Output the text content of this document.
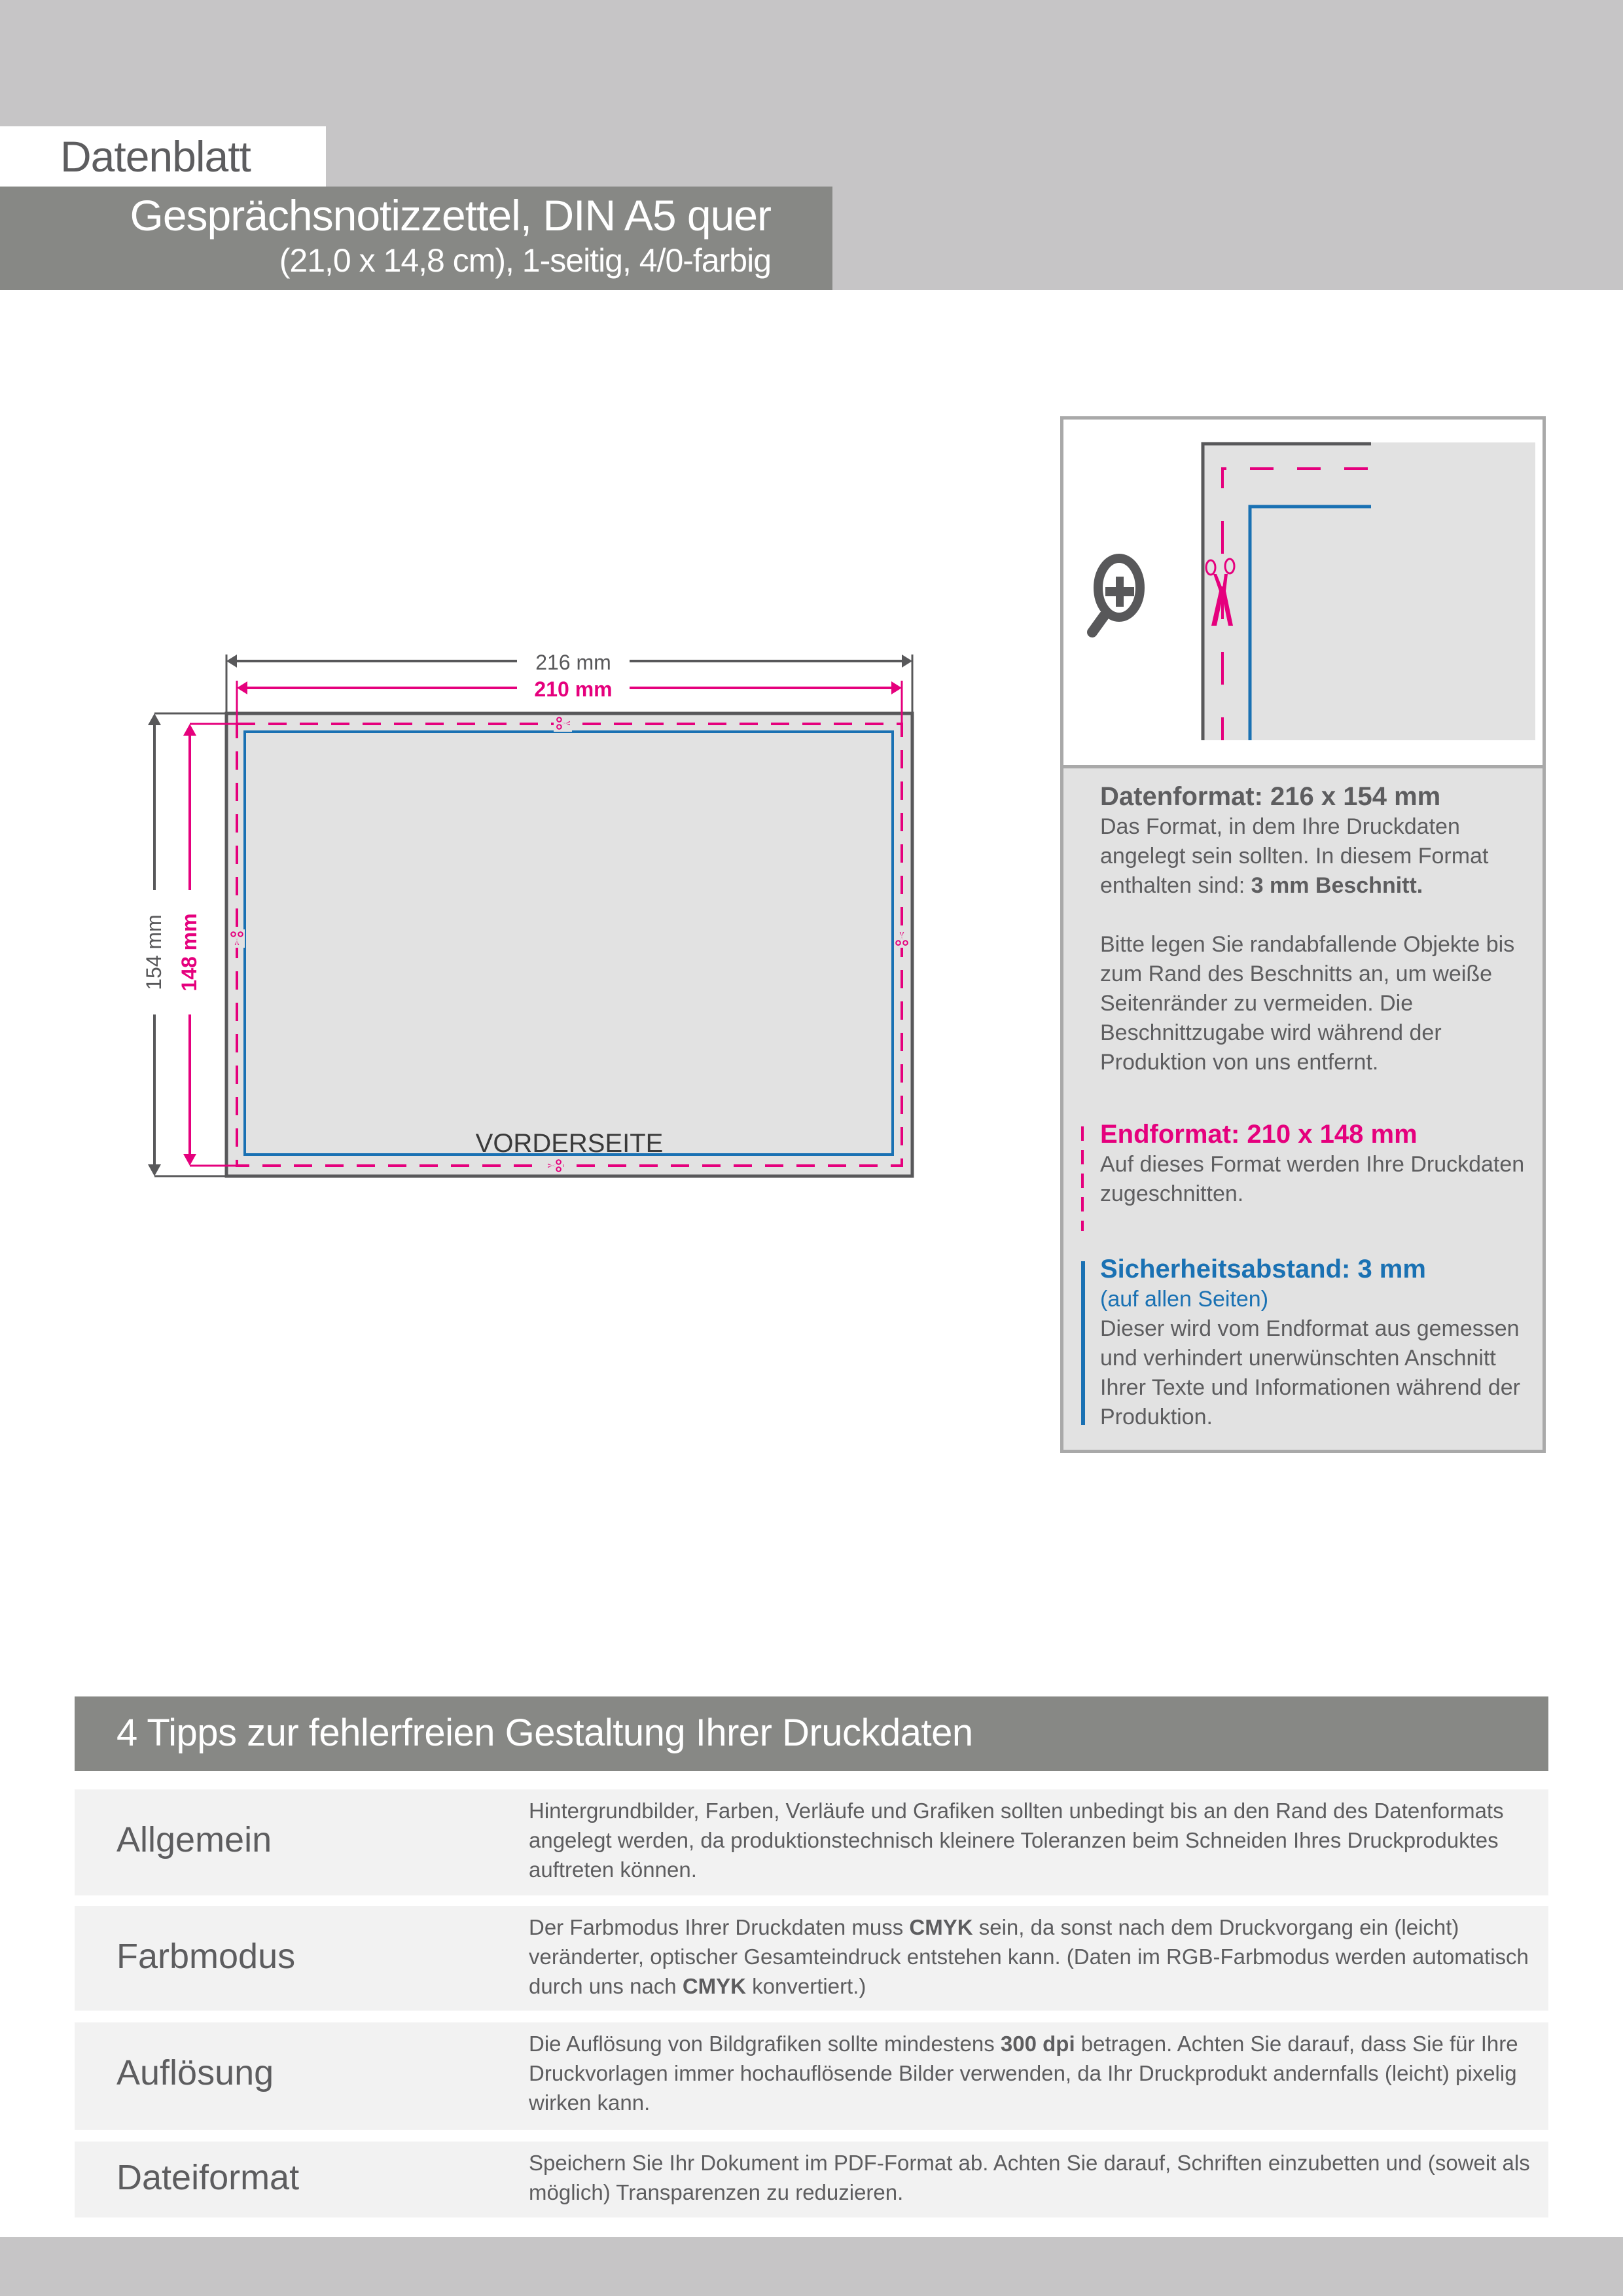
Datenblatt
Gesprächsnotizzettel, DIN A5 quer
(21,0 x 14,8 cm), 1-seitig, 4/0-farbig
216 mm
210 mm
154 mm 148 mm
VORDERSEITE
Datenformat: 216 x 154 mm
Das Format, in dem Ihre Druckdaten angelegt sein sollten. In diesem Format enthalten sind: 3 mm Beschnitt.
Bitte legen Sie randabfallende Objekte bis zum Rand des Beschnitts an, um weiße Seitenränder zu vermeiden. Die Beschnittzugabe wird während der Produktion von uns entfernt.
Endformat: 210 x 148 mm
Auf dieses Format werden Ihre Druckdaten zugeschnitten.
Sicherheitsabstand: 3 mm
(auf allen Seiten)
Dieser wird vom Endformat aus gemessen und verhindert unerwünschten Anschnitt Ihrer Texte und Informationen während der Produktion.
4 Tipps zur fehlerfreien Gestaltung Ihrer Druckdaten
Allgemein
Hintergrundbilder, Farben, Verläufe und Grafiken sollten unbedingt bis an den Rand des Datenformats angelegt werden, da produktionstechnisch kleinere Toleranzen beim Schneiden Ihres Druckproduktes auftreten können.
Farbmodus
Der Farbmodus Ihrer Druckdaten muss CMYK sein, da sonst nach dem Druckvorgang ein (leicht) veränderter, optischer Gesamteindruck entstehen kann. (Daten im RGB-Farbmodus werden automatisch durch uns nach CMYK konvertiert.)
Auflösung
Die Auflösung von Bildgrafiken sollte mindestens 300 dpi betragen. Achten Sie darauf, dass Sie für Ihre Druckvorlagen immer hochauflösende Bilder verwenden, da Ihr Druckprodukt andernfalls (leicht) pixelig wirken kann.
Dateiformat	Speichern Sie Ihr Dokument im PDF-Format ab. Achten Sie darauf, Schriften einzubetten und (soweit als möglich) Transparenzen zu reduzieren.
